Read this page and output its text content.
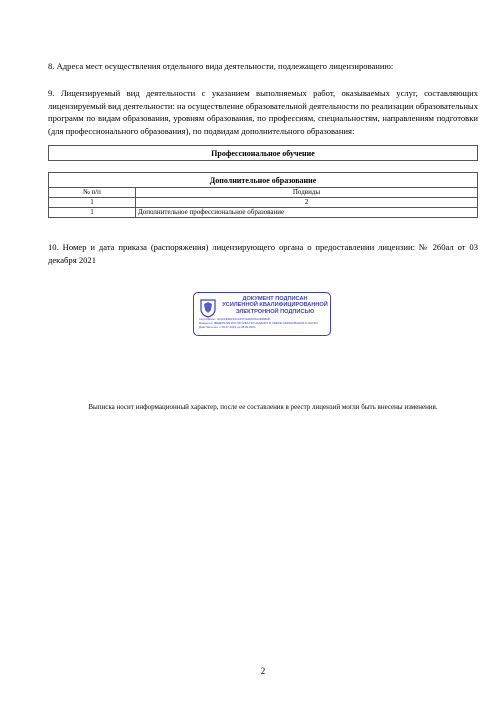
8. Адреса мест осуществления отдельного вида деятельности, подлежащего лицензированию:
9. Лицензируемый вид деятельности с указанием выполняемых работ, оказываемых услуг, составляющих лицензируемый вид деятельности: на осуществление образовательной деятельности по реализации образовательных программ по видам образования, уровням образования, по профессиям, специальностям, направлениям подготовки (для профессионального образования), по подвидам дополнительного образования:
Профессиональное обучение
Дополнительное образование	
№ п/п	Подвиды
1	2
1	Дополнительное профессиональное образование
10. Номер и дата приказа (распоряжения) лицензирующего органа о предоставлении лицензии: № 260ал от 03 декабря 2021
ДОКУМЕНТ ПОДПИСАН
УСИЛЕННОЙ КВАЛИФИЦИРОВАННОЙ
ЭЛЕКТРОННОЙ ПОДПИСЬЮ
Сертификат: 4F4CFE80133C1007194DD0623D99B4F
Владелец: ФЕДЕРАЛЬНАЯ СЛУЖБА ПО НАДЗОРУ В СФЕРЕ ОБРАЗОВАНИЯ И НАУКИ
Действителен: с 06.07.2023 до 28.09.2024
Выписка носит информационный характер, после ее составления в реестр лицензий могли быть внесены изменения.
2
